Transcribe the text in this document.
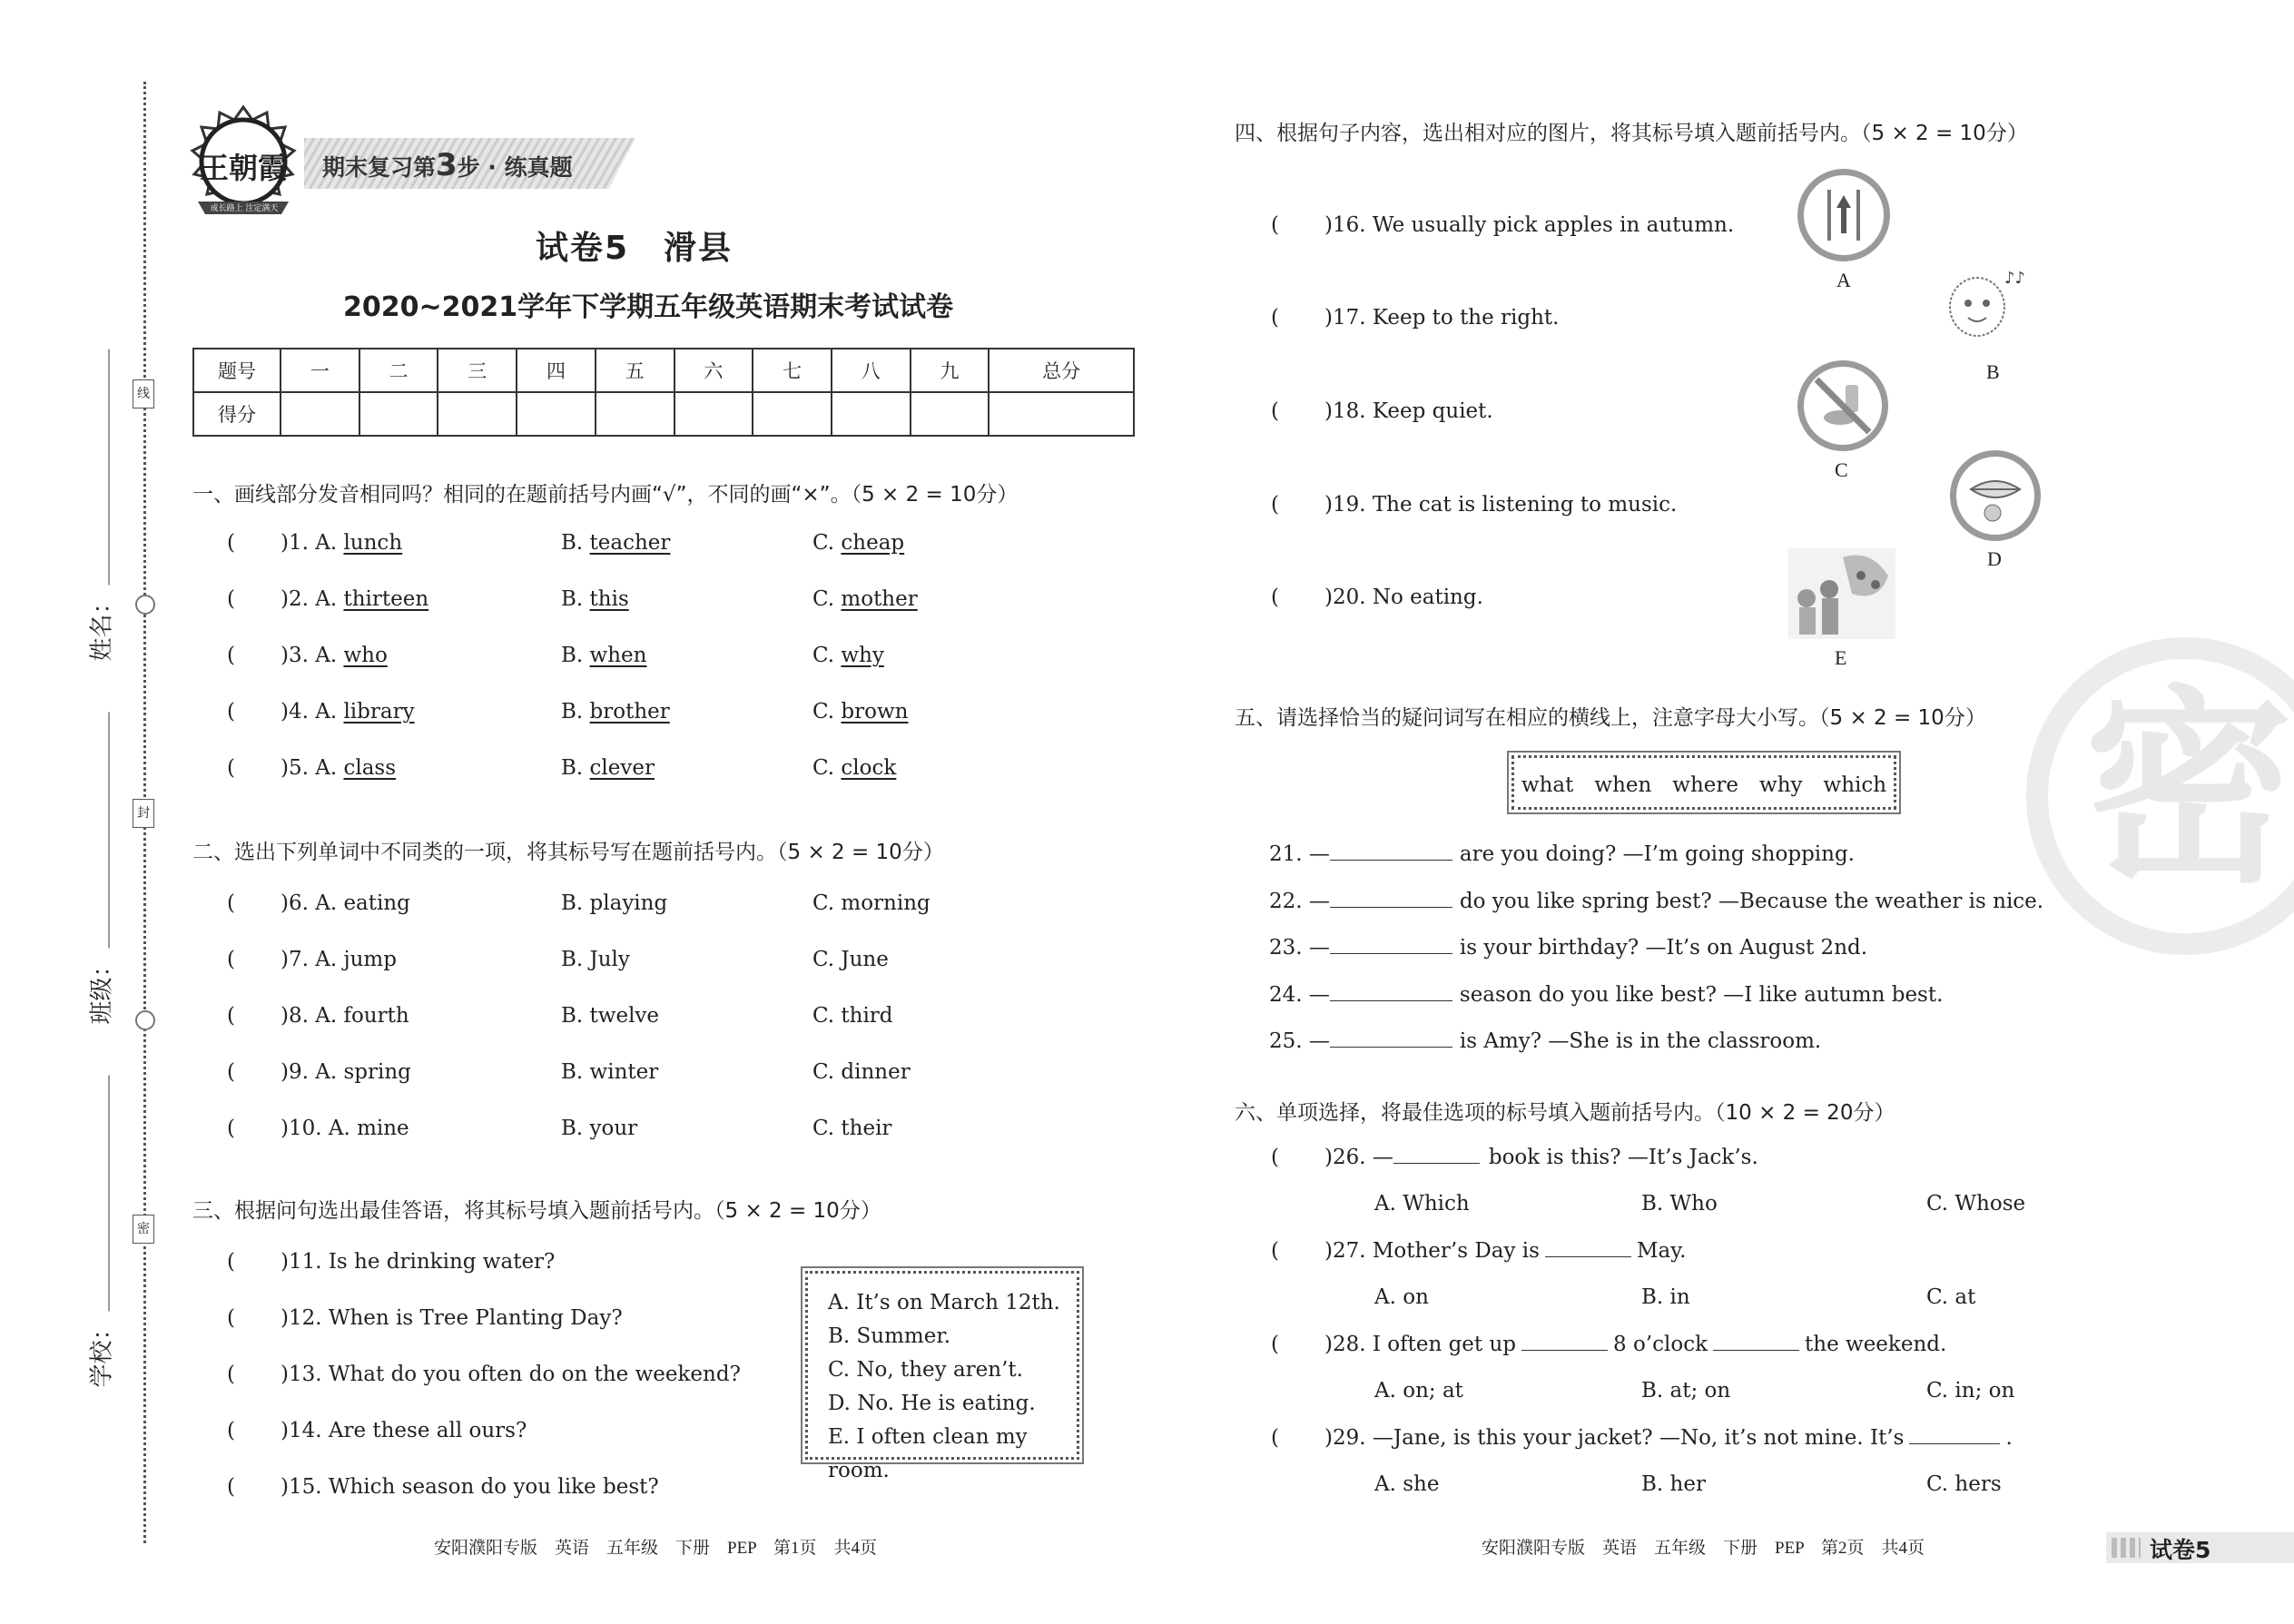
线
封
密
姓名：
班级：
学校：
王朝霞
成长路上 注定满天
期末复习第3步 · 练真题
试卷5　滑县
2020~2021学年下学期五年级英语期末考试试卷
题号	一	二	三	四	五	六	七	八	九	总分
得分										
一、画线部分发音相同吗？相同的在题前括号内画“√”，不同的画“×”。（5 × 2 = 10分）
( )1. A. lunch	B. teacher	C. cheap
( )2. A. thirteen	B. this	C. mother
( )3. A. who	B. when	C. why
( )4. A. library	B. brother	C. brown
( )5. A. class	B. clever	C. clock
二、选出下列单词中不同类的一项，将其标号写在题前括号内。（5 × 2 = 10分）
( )6. A. eating	B. playing	C. morning
( )7. A. jump	B. July	C. June
( )8. A. fourth	B. twelve	C. third
( )9. A. spring	B. winter	C. dinner
( )10. A. mine	B. your	C. their
三、根据问句选出最佳答语，将其标号填入题前括号内。（5 × 2 = 10分）
( )11. Is he drinking water?
( )12. When is Tree Planting Day?
( )13. What do you often do on the weekend?
( )14. Are these all ours?
( )15. Which season do you like best?
A. It’s on March 12th.
B. Summer.
C. No, they aren’t.
D. No. He is eating.
E. I often clean my room.
安阳濮阳专版　英语　五年级　下册　PEP　第1页　共4页
四、根据句子内容，选出相对应的图片，将其标号填入题前括号内。（5 × 2 = 10分）
( )16. We usually pick apples in autumn.
( )17. Keep to the right.
( )18. Keep quiet.
( )19. The cat is listening to music.
( )20. No eating.
A	♪♪
B
C
D
E
五、请选择恰当的疑问词写在相应的横线上，注意字母大小写。（5 × 2 = 10分）
what　when　where　why　which
21. —	are you doing? —I’m going shopping.
22. —	do you like spring best? —Because the weather is nice.
23. —	is your birthday? —It’s on August 2nd.
24. —	season do you like best? —I like autumn best.
25. —	is Amy? —She is in the classroom.
六、单项选择，将最佳选项的标号填入题前括号内。（10 × 2 = 20分）
( )26. —	book is this? —It’s Jack’s.
A. Which	B. Who	C. Whose
( )27. Mother’s Day is	May.
A. on	B. in	C. at
( )28. I often get up	8 o’clock	the weekend.
A. on; at	B. at; on	C. in; on
( )29. —Jane, is this your jacket? —No, it’s not mine. It’s	.
A. she	B. her	C. hers
密
安阳濮阳专版　英语　五年级　下册　PEP　第2页　共4页	试卷5
